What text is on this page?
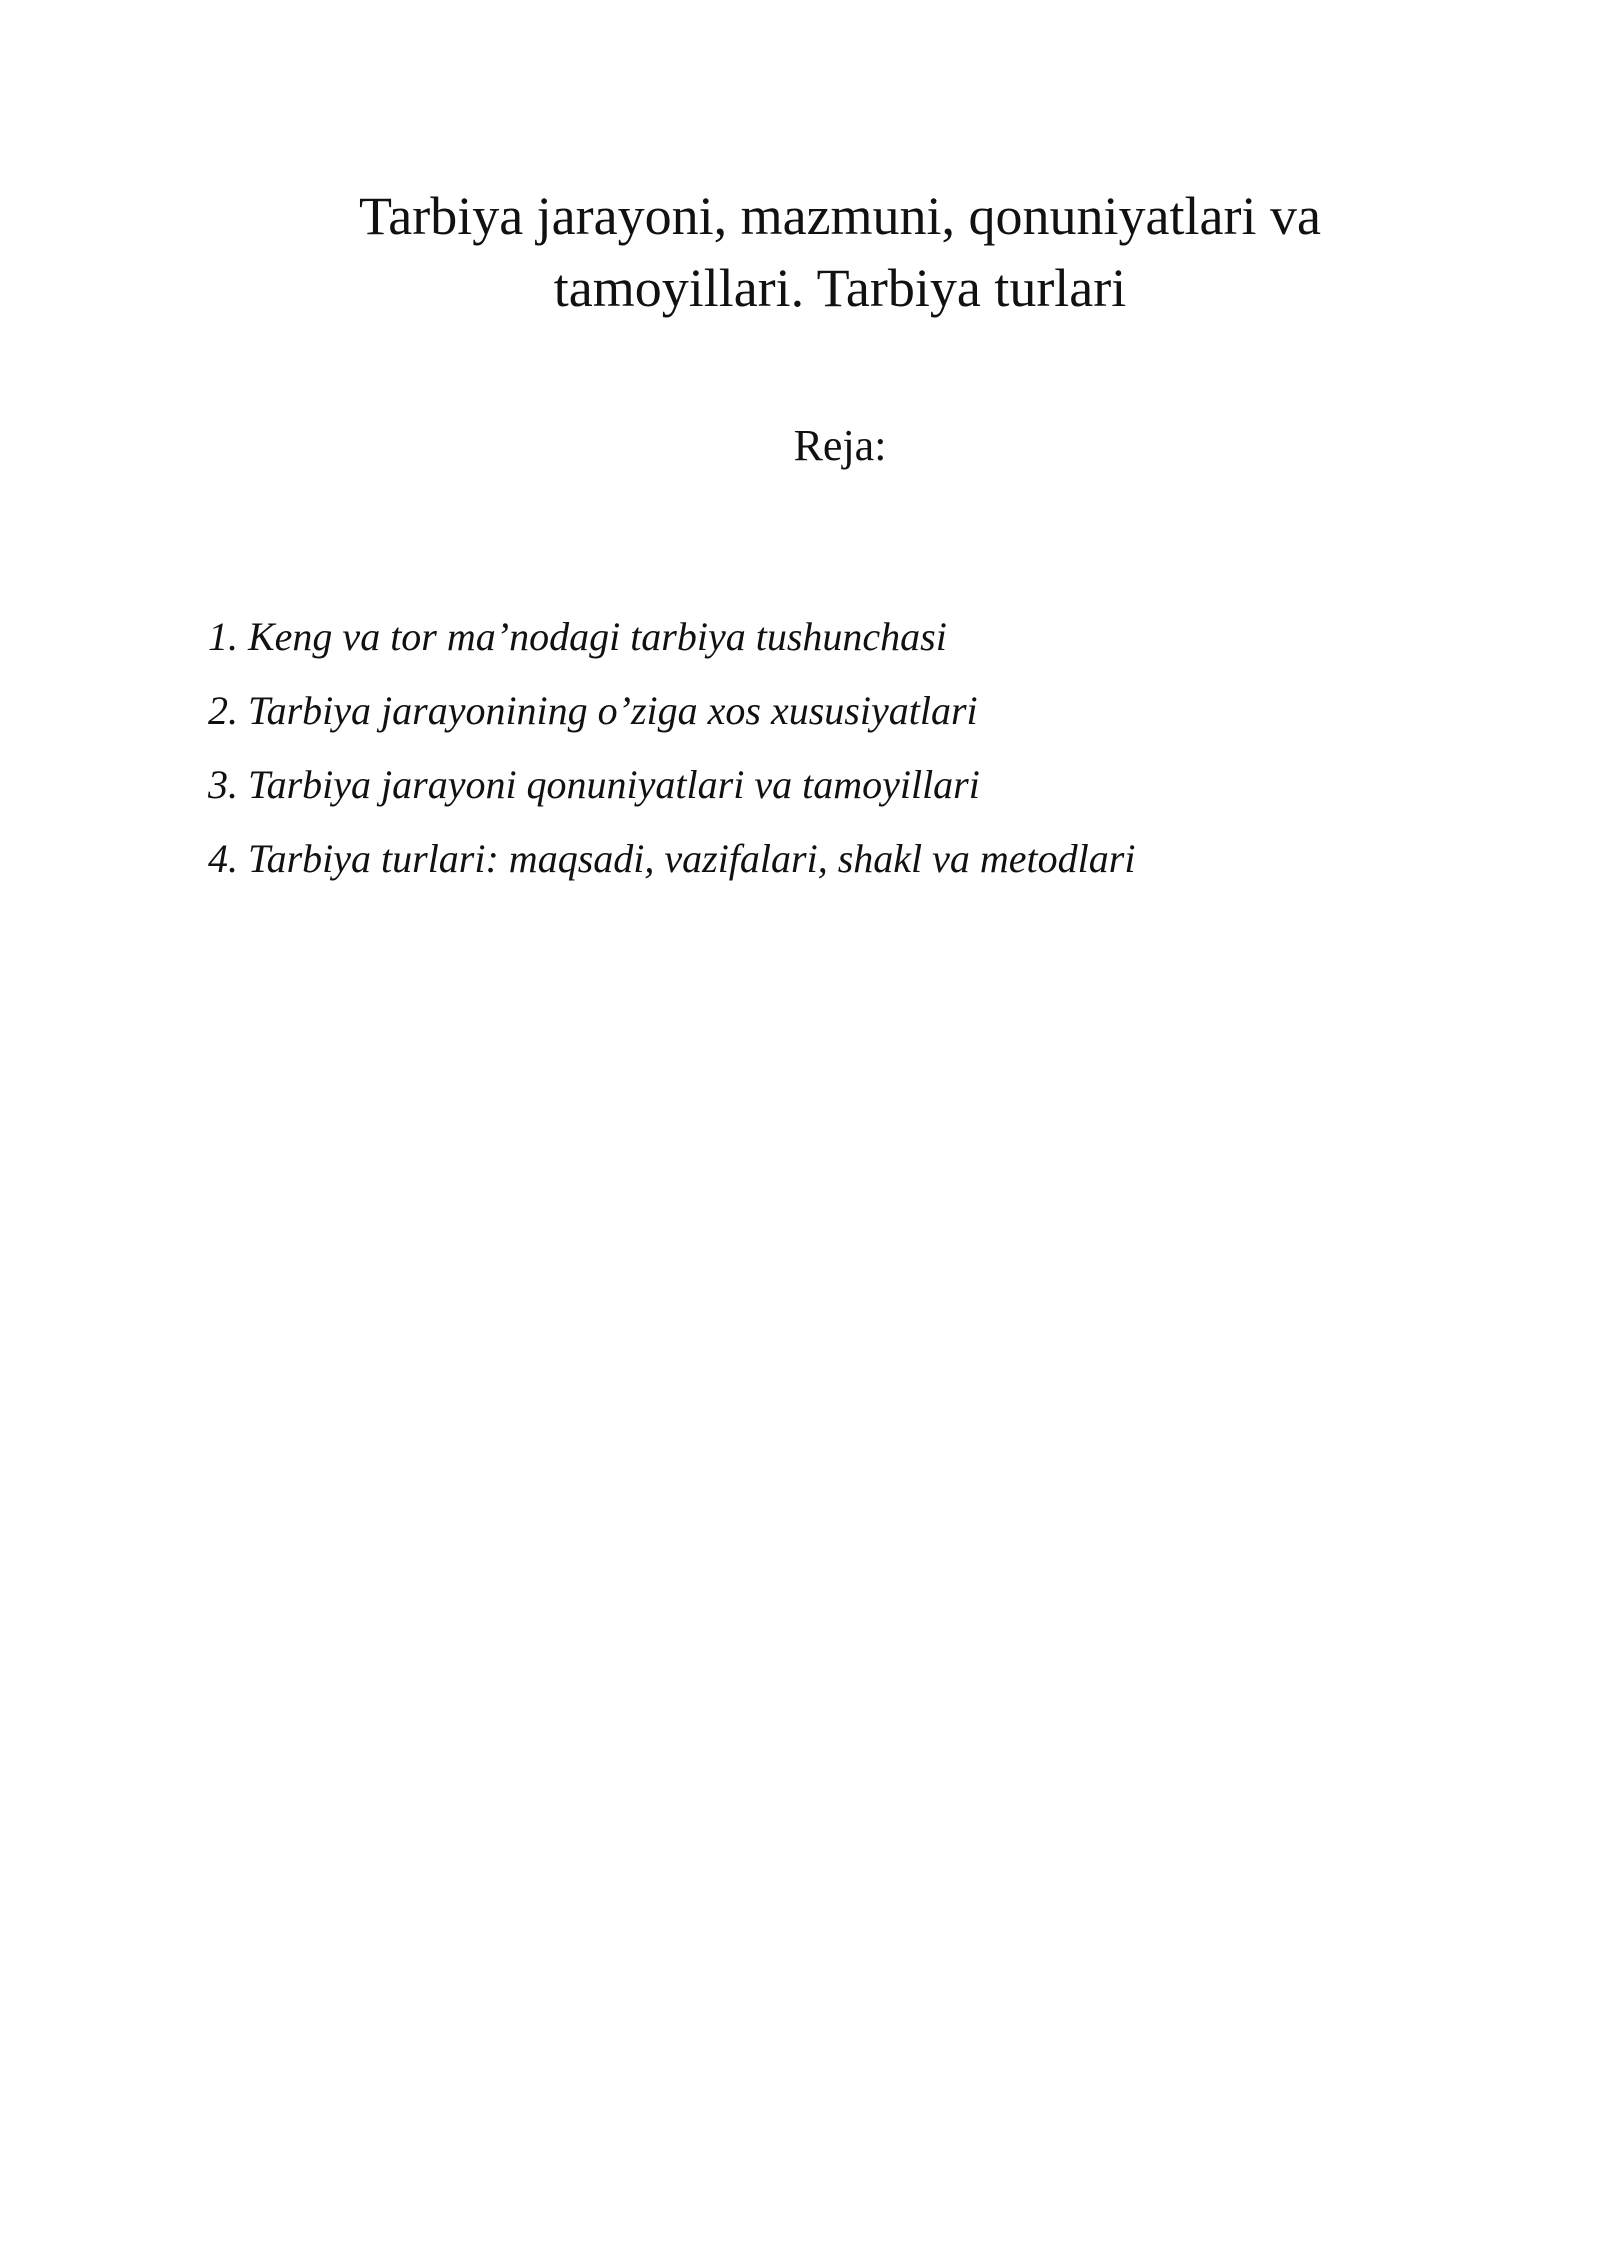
Tarbiya jarayoni, mazmuni, qonuniyatlari va
tamoyillari. Tarbiya turlari
Reja:
1. Keng va tor ma’nodagi tarbiya tushunchasi
2. Tarbiya jarayonining o’ziga xos xususiyatlari
3. Tarbiya jarayoni qonuniyatlari va tamoyillari
4. Tarbiya turlari: maqsadi, vazifalari, shakl va metodlari
